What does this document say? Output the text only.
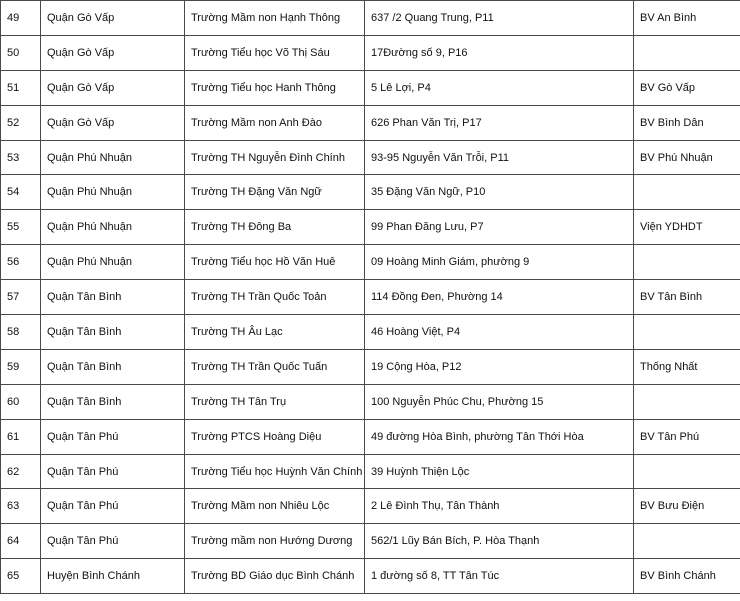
49	Quận Gò Vấp	Trường Mầm non Hạnh Thông	637 /2 Quang Trung, P11	BV An Bình
50	Quận Gò Vấp	Trường Tiểu học Võ Thị Sáu	17Đường số 9, P16	
51	Quận Gò Vấp	Trường Tiểu học Hanh Thông	5 Lê Lợi, P4	BV Gò Vấp
52	Quận Gò Vấp	Trường Mầm non Anh Đào	626 Phan Văn Trị, P17	BV Bình Dân
53	Quận Phú Nhuận	Trường TH Nguyễn Đình Chính	93-95 Nguyễn Văn Trỗi, P11	BV Phú Nhuận
54	Quận Phú Nhuận	Trường TH Đặng Văn Ngữ	35 Đặng Văn Ngữ, P10	
55	Quận Phú Nhuận	Trường TH Đông Ba	99 Phan Đăng Lưu, P7	Viện YDHDT
56	Quận Phú Nhuận	Trường Tiểu học Hồ Văn Huê	09 Hoàng Minh Giám, phường 9	
57	Quận Tân Bình	Trường TH Trần Quốc Toản	114 Đồng Đen, Phường 14	BV Tân Bình
58	Quận Tân Bình	Trường TH Âu Lạc	46 Hoàng Việt, P4	
59	Quận Tân Bình	Trường TH Trần Quốc Tuấn	19 Cộng Hòa, P12	Thống Nhất
60	Quận Tân Bình	Trường TH Tân Trụ	100 Nguyễn Phúc Chu, Phường 15	
61	Quận Tân Phú	Trường PTCS Hoàng Diệu	49 đường Hòa Bình, phường Tân Thới Hòa	BV Tân Phú
62	Quận Tân Phú	Trường Tiểu học Huỳnh Văn Chính	39 Huỳnh Thiện Lộc	
63	Quận Tân Phú	Trường Mầm non Nhiêu Lộc	2 Lê Đình Thụ, Tân Thành	BV Bưu Điện
64	Quận Tân Phú	Trường mầm non Hướng Dương	562/1 Lũy Bán Bích, P. Hòa Thạnh	
65	Huyện Bình Chánh	Trường BD Giáo dục Bình Chánh	1 đường số 8, TT Tân Túc	BV Bình Chánh
